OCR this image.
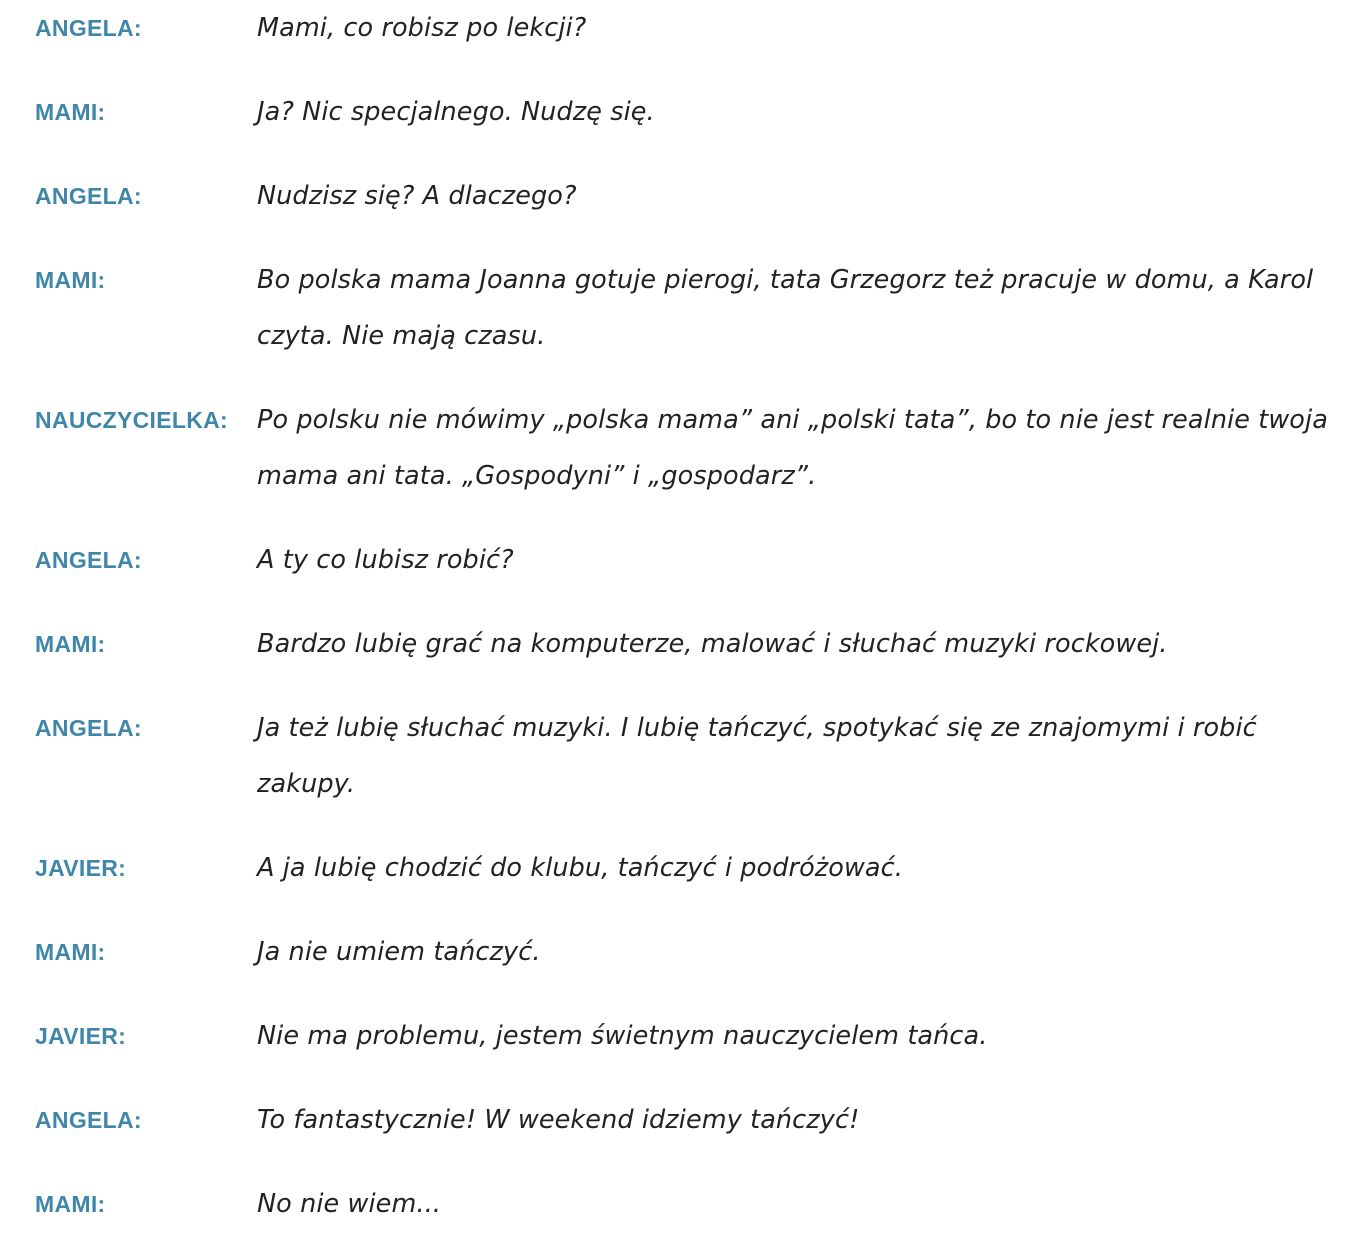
ANGELA:	Mami, co robisz po lekcji?
MAMI:	Ja? Nic specjalnego. Nudzę się.
ANGELA:	Nudzisz się? A dlaczego?
MAMI:	Bo polska mama Joanna gotuje pierogi, tata Grzegorz też pracuje w domu, a Karol czyta. Nie mają czasu.
NAUCZYCIELKA:	Po polsku nie mówimy „polska mama” ani „polski tata”, bo to nie jest realnie twoja mama ani tata. „Gospodyni” i „gospodarz”.
ANGELA:	A ty co lubisz robić?
MAMI:	Bardzo lubię grać na komputerze, malować i słuchać muzyki rockowej.
ANGELA:	Ja też lubię słuchać muzyki. I lubię tańczyć, spotykać się ze znajomymi i robić zakupy.
JAVIER:	A ja lubię chodzić do klubu, tańczyć i podróżować.
MAMI:	Ja nie umiem tańczyć.
JAVIER:	Nie ma problemu, jestem świetnym nauczycielem tańca.
ANGELA:	To fantastycznie! W weekend idziemy tańczyć!
MAMI:	No nie wiem...
